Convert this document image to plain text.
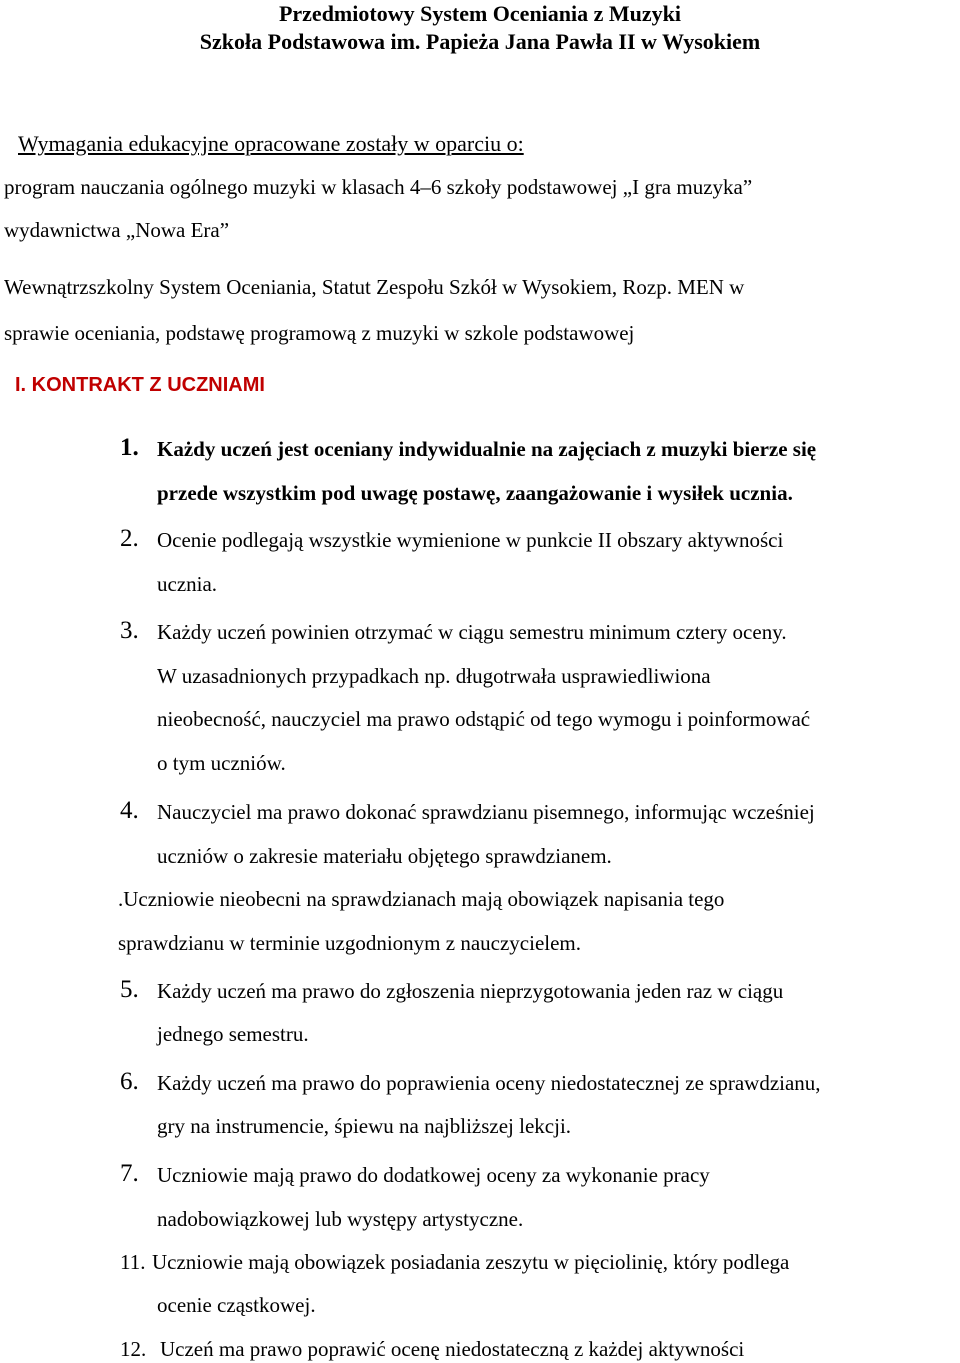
Przedmiotowy System Oceniania z Muzyki
Szkoła Podstawowa im. Papieża Jana Pawła II w Wysokiem
Wymagania edukacyjne opracowane zostały w oparciu o:
program nauczania ogólnego muzyki w klasach 4–6 szkoły podstawowej „I gra muzyka”
wydawnictwa „Nowa Era”
Wewnątrzszkolny System Oceniania, Statut Zespołu Szkół w Wysokiem, Rozp. MEN w
sprawie oceniania, podstawę programową z muzyki w szkole podstawowej
I. KONTRAKT Z UCZNIAMI
1. Każdy uczeń jest oceniany indywidualnie na zajęciach z muzyki bierze się
przede wszystkim pod uwagę postawę, zaangażowanie i wysiłek ucznia.
2. Ocenie podlegają wszystkie wymienione w punkcie II obszary aktywności
ucznia.
3. Każdy uczeń powinien otrzymać w ciągu semestru minimum cztery oceny.
W uzasadnionych przypadkach np. długotrwała usprawiedliwiona
nieobecność, nauczyciel ma prawo odstąpić od tego wymogu i poinformować
o tym uczniów.
4. Nauczyciel ma prawo dokonać sprawdzianu pisemnego, informując wcześniej
uczniów o zakresie materiału objętego sprawdzianem.
.Uczniowie nieobecni na sprawdzianach mają obowiązek napisania tego
sprawdzianu w terminie uzgodnionym z nauczycielem.
5. Każdy uczeń ma prawo do zgłoszenia nieprzygotowania jeden raz w ciągu
jednego semestru.
6. Każdy uczeń ma prawo do poprawienia oceny niedostatecznej ze sprawdzianu,
gry na instrumencie, śpiewu na najbliższej lekcji.
7. Uczniowie mają prawo do dodatkowej oceny za wykonanie pracy
nadobowiązkowej lub występy artystyczne.
11. Uczniowie mają obowiązek posiadania zeszytu w pięciolinię, który podlega
ocenie cząstkowej.
12. Uczeń ma prawo poprawić ocenę niedostateczną z każdej aktywności
